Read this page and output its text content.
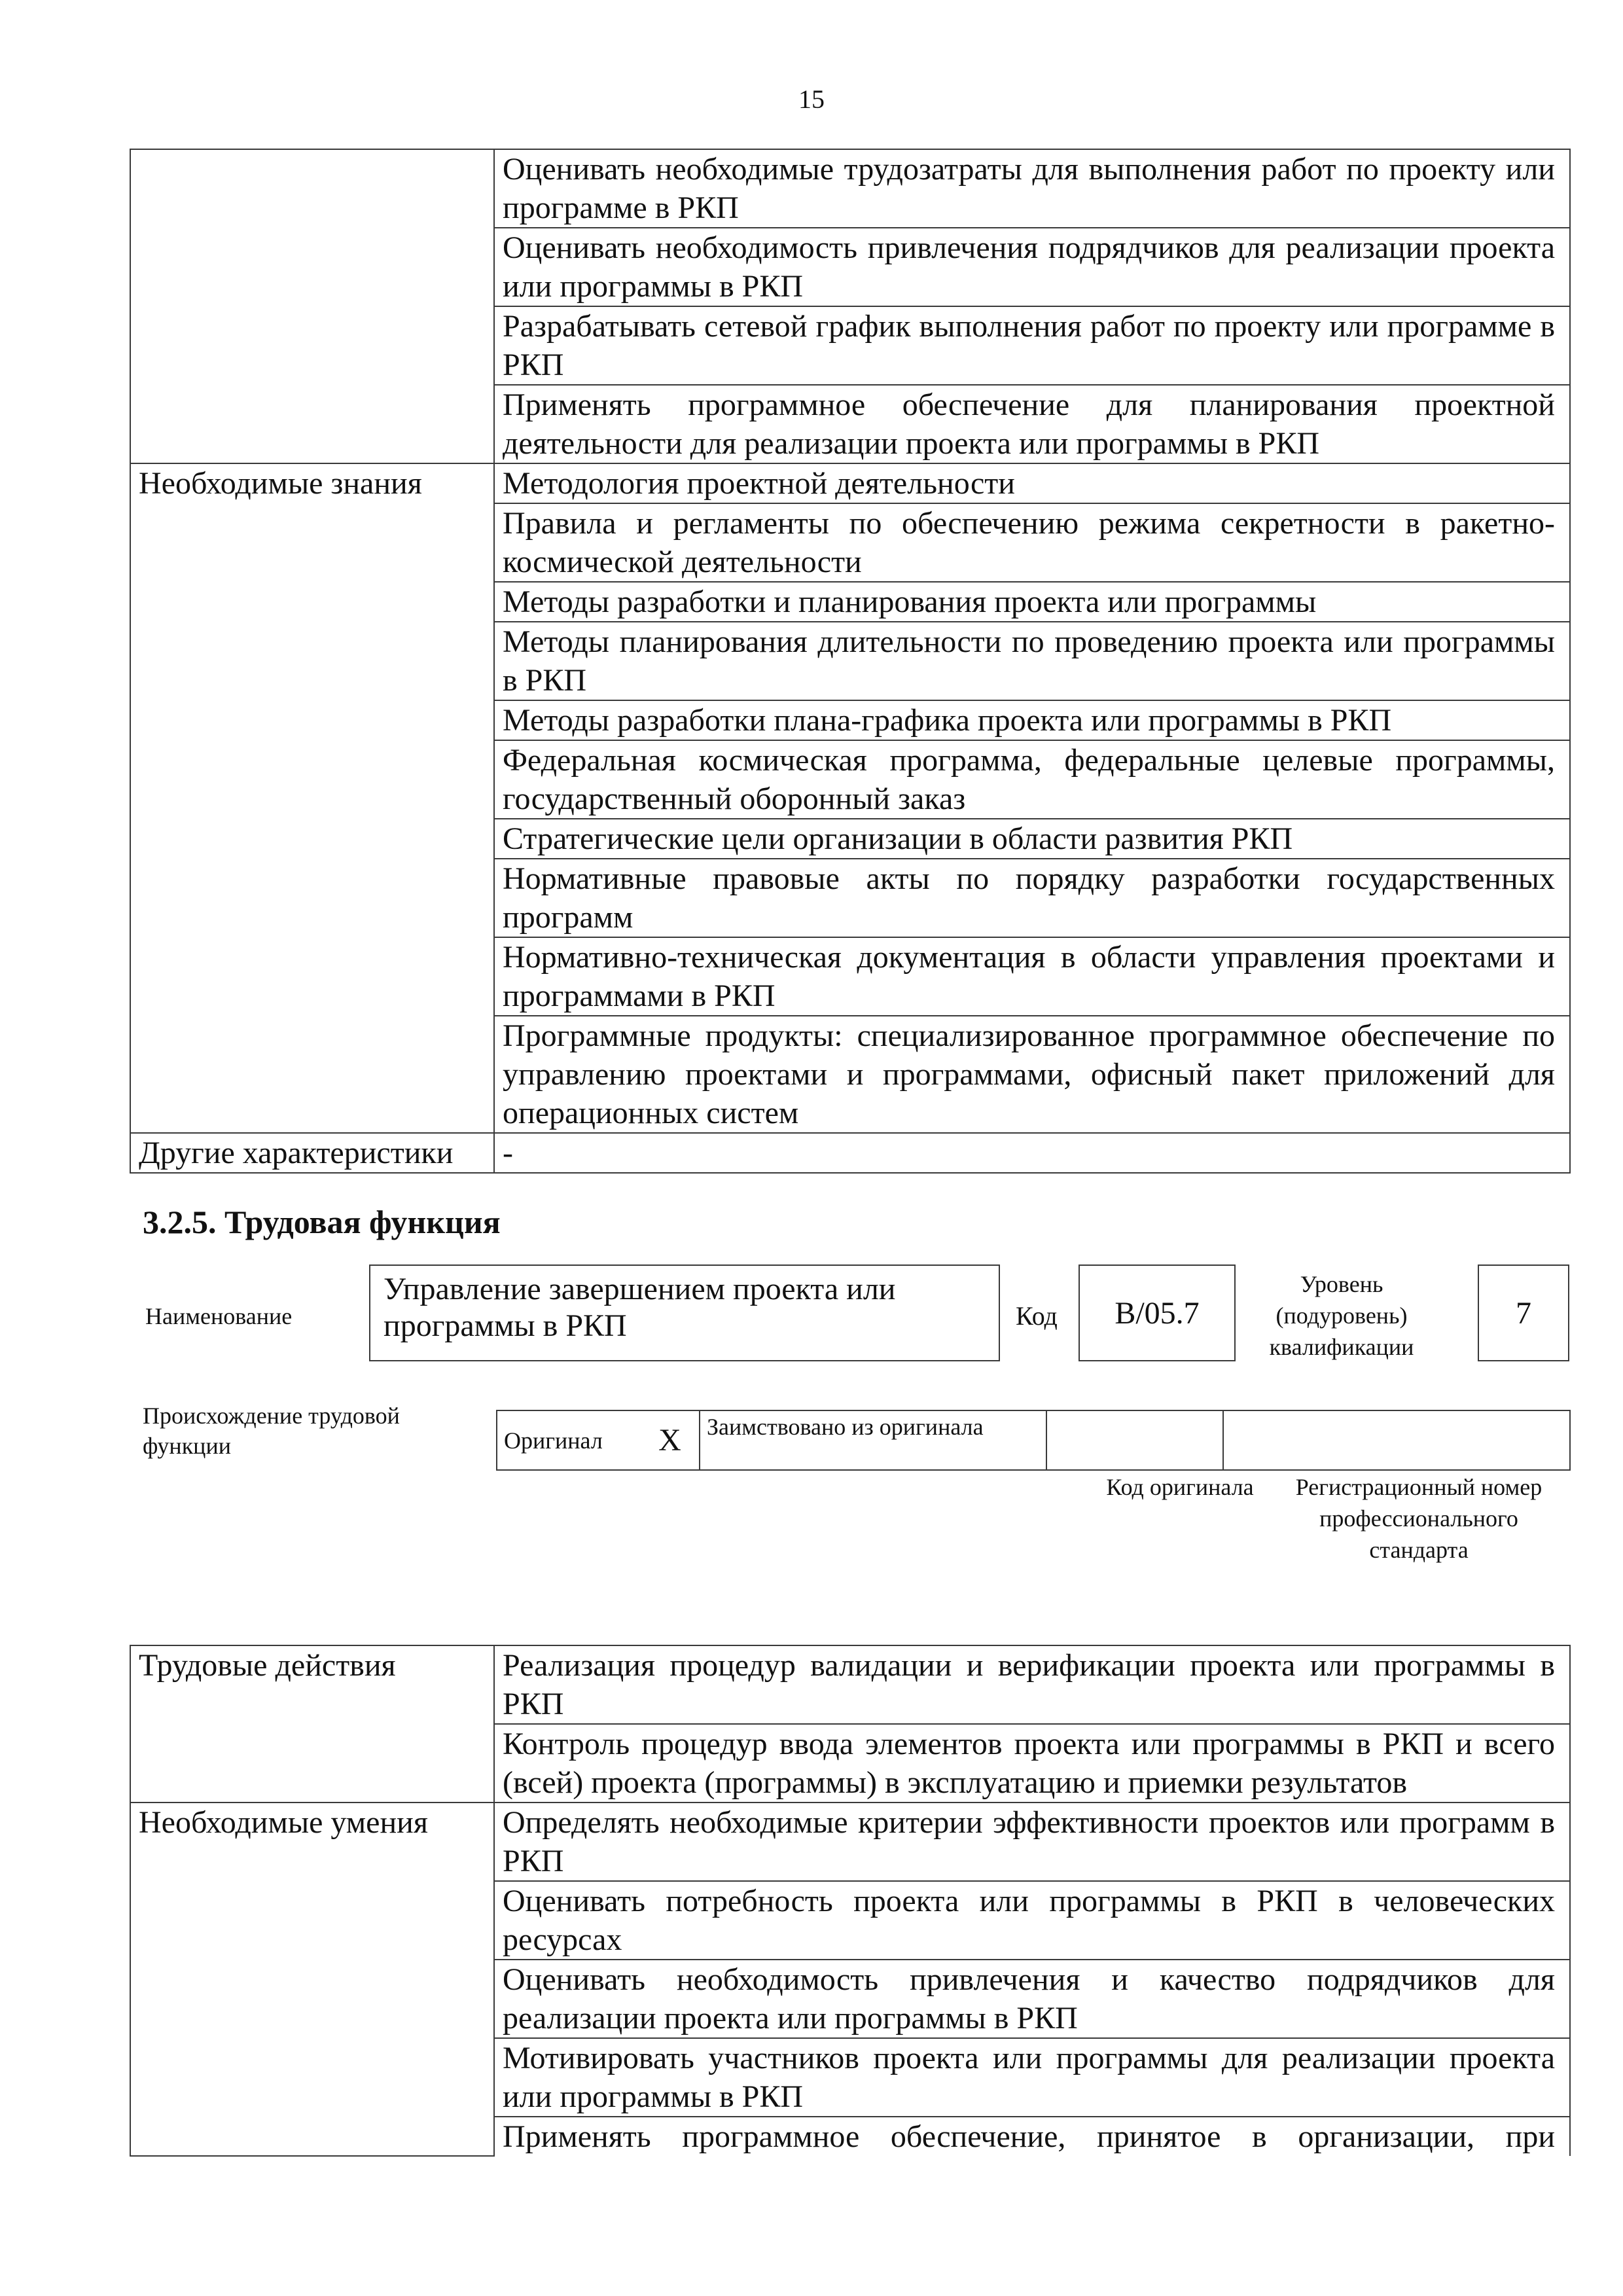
15
	Оценивать необходимые трудозатраты для выполнения работ по проекту или программе в РКП
	Оценивать необходимость привлечения подрядчиков для реализации проекта или программы в РКП
	Разрабатывать сетевой график выполнения работ по проекту или программе в РКП
	Применять программное обеспечение для планирования проектной деятельности для реализации проекта или программы в РКП
Необходимые знания	Методология проектной деятельности
	Правила и регламенты по обеспечению режима секретности в ракетно-космической деятельности
	Методы разработки и планирования проекта или программы
	Методы планирования длительности по проведению проекта или программы в РКП
	Методы разработки плана-графика проекта или программы в РКП
	Федеральная космическая программа, федеральные целевые программы, государственный оборонный заказ
	Стратегические цели организации в области развития РКП
	Нормативные правовые акты по порядку разработки государственных программ
	Нормативно-техническая документация в области управления проектами и программами в РКП
	Программные продукты: специализированное программное обеспечение по управлению проектами и программами, офисный пакет приложений для операционных систем
Другие характеристики	-
3.2.5. Трудовая функция
Наименование
Управление завершением проекта или программы в РКП	Код	B/05.7
Уровень (подуровень) квалификации
7
Происхождение трудовой функции	Оригинал	X	Заимствовано из оригинала		
Код оригинала	Регистрационный номер профессионального стандарта
Трудовые действия	Реализация процедур валидации и верификации проекта или программы в РКП
	Контроль процедур ввода элементов проекта или программы в РКП и всего (всей) проекта (программы) в эксплуатацию и приемки результатов
Необходимые умения	Определять необходимые критерии эффективности проектов или программ в РКП
	Оценивать потребность проекта или программы в РКП в человеческих ресурсах
	Оценивать необходимость привлечения и качество подрядчиков для реализации проекта или программы в РКП
	Мотивировать участников проекта или программы для реализации проекта или программы в РКП
	Применять программное обеспечение, принятое в организации, при
